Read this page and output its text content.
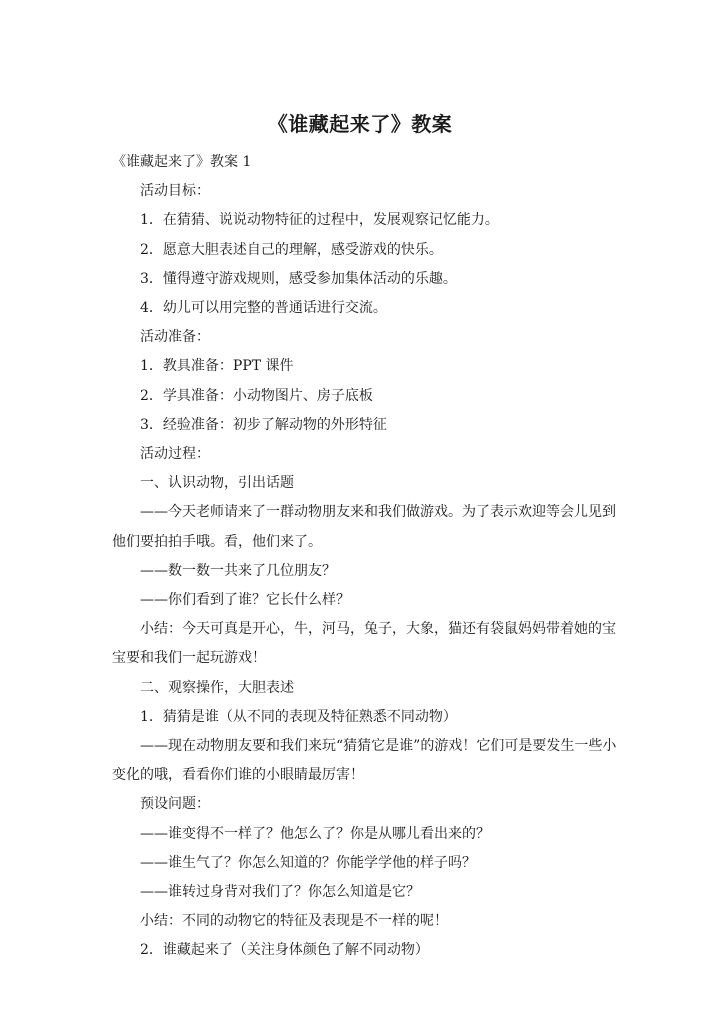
《谁藏起来了》教案

《谁藏起来了》教案 1

活动目标：

1．在猜猜、说说动物特征的过程中，发展观察记忆能力。

2．愿意大胆表述自己的理解，感受游戏的快乐。

3．懂得遵守游戏规则，感受参加集体活动的乐趣。

4．幼儿可以用完整的普通话进行交流。

活动准备：

1．教具准备：PPT 课件

2．学具准备：小动物图片、房子底板

3．经验准备：初步了解动物的外形特征

活动过程：

一、认识动物，引出话题

——今天老师请来了一群动物朋友来和我们做游戏。为了表示欢迎等会儿见到他们要拍拍手哦。看，他们来了。

——数一数一共来了几位朋友？

——你们看到了谁？它长什么样？

小结：今天可真是开心，牛，河马，兔子，大象，猫还有袋鼠妈妈带着她的宝宝要和我们一起玩游戏！

二、观察操作，大胆表述

1．猜猜是谁（从不同的表现及特征熟悉不同动物）

——现在动物朋友要和我们来玩“猜猜它是谁”的游戏！它们可是要发生一些小变化的哦，看看你们谁的小眼睛最厉害！

预设问题：

——谁变得不一样了？他怎么了？你是从哪儿看出来的？

——谁生气了？你怎么知道的？你能学学他的样子吗？

——谁转过身背对我们了？你怎么知道是它？

小结：不同的动物它的特征及表现是不一样的呢！

2．谁藏起来了（关注身体颜色了解不同动物）
